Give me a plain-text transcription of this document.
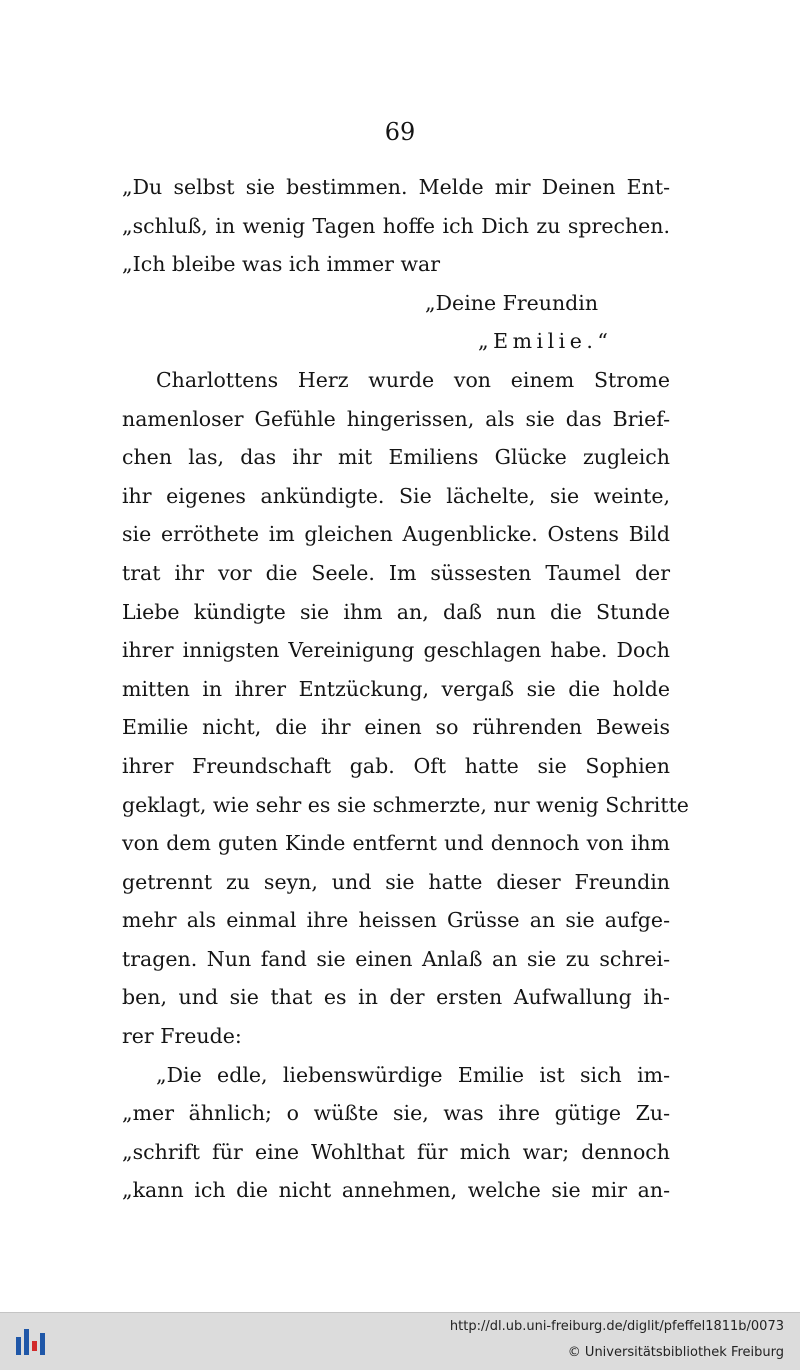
69
„Du selbst sie bestimmen. Melde mir Deinen Ent-
„schluß, in wenig Tagen hoffe ich Dich zu sprechen.
„Ich bleibe was ich immer war
„Deine Freundin
„Emilie.“
Charlottens Herz wurde von einem Strome
namenloser Gefühle hingerissen, als sie das Brief-
chen las, das ihr mit Emiliens Glücke zugleich
ihr eigenes ankündigte. Sie lächelte, sie weinte,
sie erröthete im gleichen Augenblicke. Ostens Bild
trat ihr vor die Seele. Im süssesten Taumel der
Liebe kündigte sie ihm an, daß nun die Stunde
ihrer innigsten Vereinigung geschlagen habe. Doch
mitten in ihrer Entzückung, vergaß sie die holde
Emilie nicht, die ihr einen so rührenden Beweis
ihrer Freundschaft gab. Oft hatte sie Sophien
geklagt, wie sehr es sie schmerzte, nur wenig Schritte
von dem guten Kinde entfernt und dennoch von ihm
getrennt zu seyn, und sie hatte dieser Freundin
mehr als einmal ihre heissen Grüsse an sie aufge-
tragen. Nun fand sie einen Anlaß an sie zu schrei-
ben, und sie that es in der ersten Aufwallung ih-
rer Freude:
„Die edle, liebenswürdige Emilie ist sich im-
„mer ähnlich; o wüßte sie, was ihre gütige Zu-
„schrift für eine Wohlthat für mich war; dennoch
„kann ich die nicht annehmen, welche sie mir an-
http://dl.ub.uni-freiburg.de/diglit/pfeffel1811b/0073
© Universitätsbibliothek Freiburg
